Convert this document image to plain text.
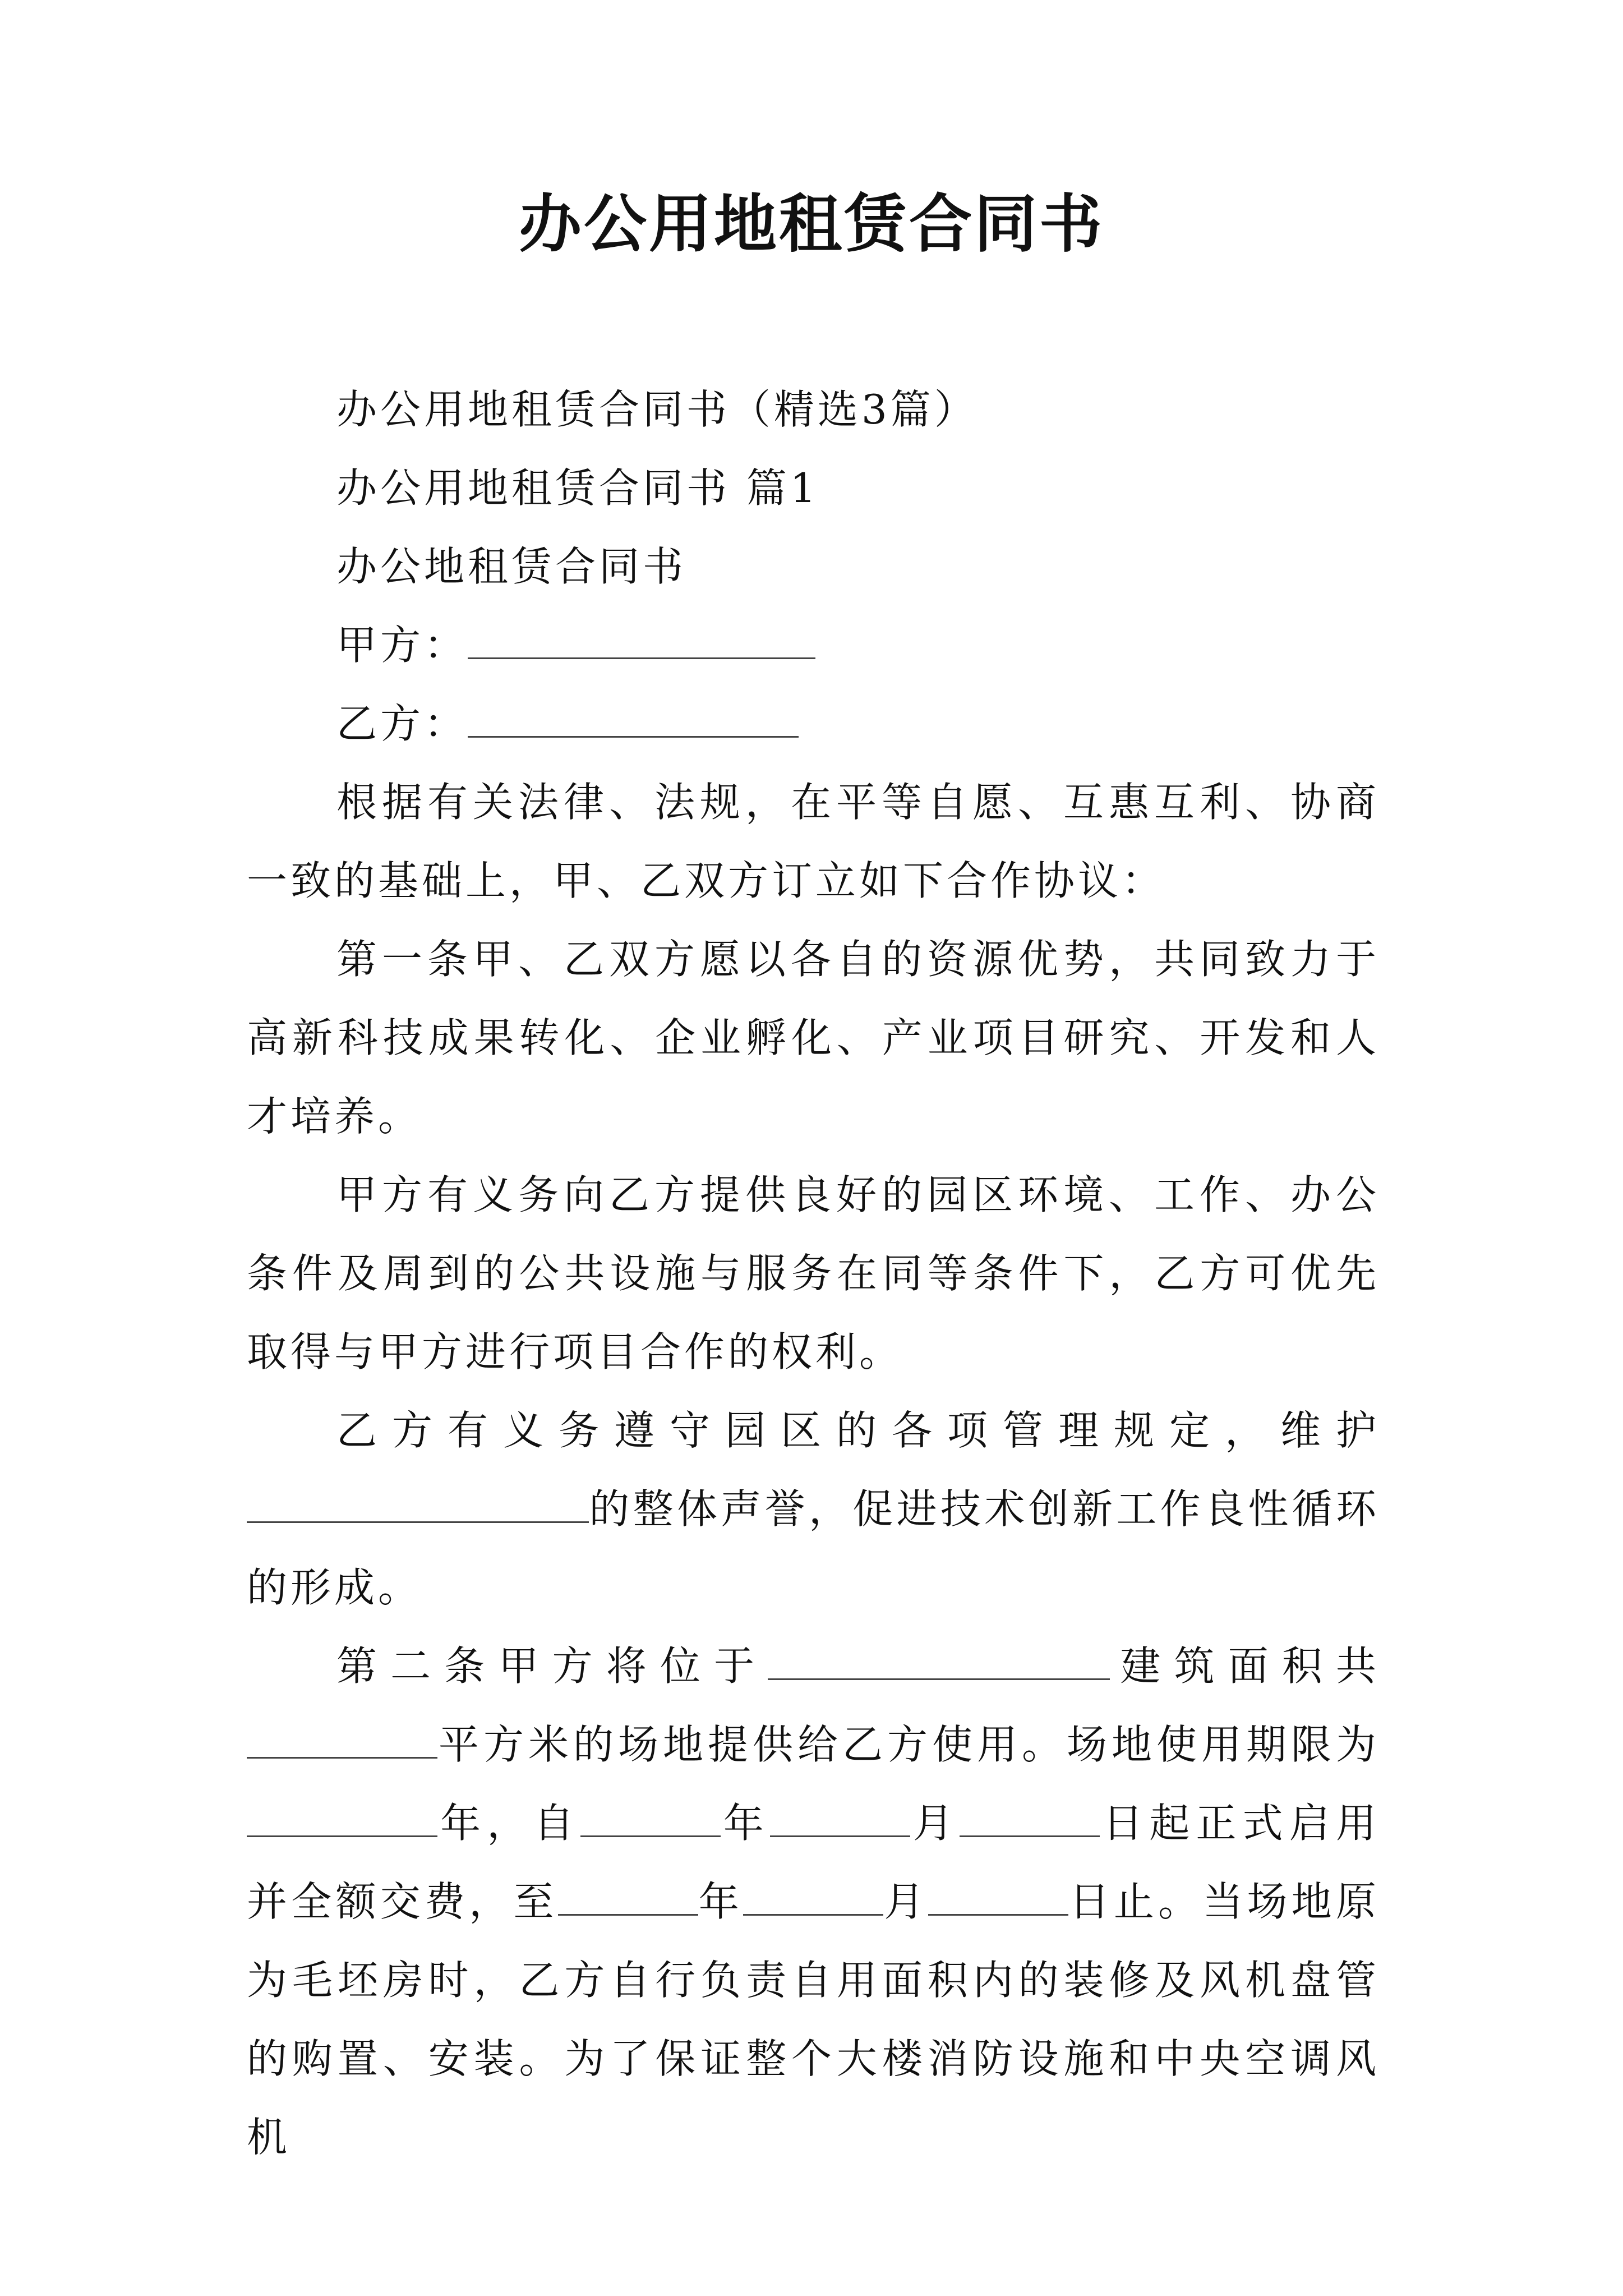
办公用地租赁合同书

办公用地租赁合同书（精选3篇）

办公用地租赁合同书 篇1

办公地租赁合同书

甲方：

乙方：

根据有关法律、法规，在平等自愿、互惠互利、协商一致的基础上，甲、乙双方订立如下合作协议：

第一条甲、乙双方愿以各自的资源优势，共同致力于高新科技成果转化、企业孵化、产业项目研究、开发和人才培养。

甲方有义务向乙方提供良好的园区环境、工作、办公条件及周到的公共设施与服务在同等条件下，乙方可优先取得与甲方进行项目合作的权利。

乙方有义务遵守园区的各项管理规定，维护的整体声誉，促进技术创新工作良性循环的形成。

第二条甲方将位于	建筑面积共平方米的场地提供给乙方使用。场地使用期限为年，自	年	月	日起正式启用并全额交费，至	年	月	日止。当场地原为毛坯房时，乙方自行负责自用面积内的装修及风机盘管的购置、安装。为了保证整个大楼消防设施和中央空调风机
